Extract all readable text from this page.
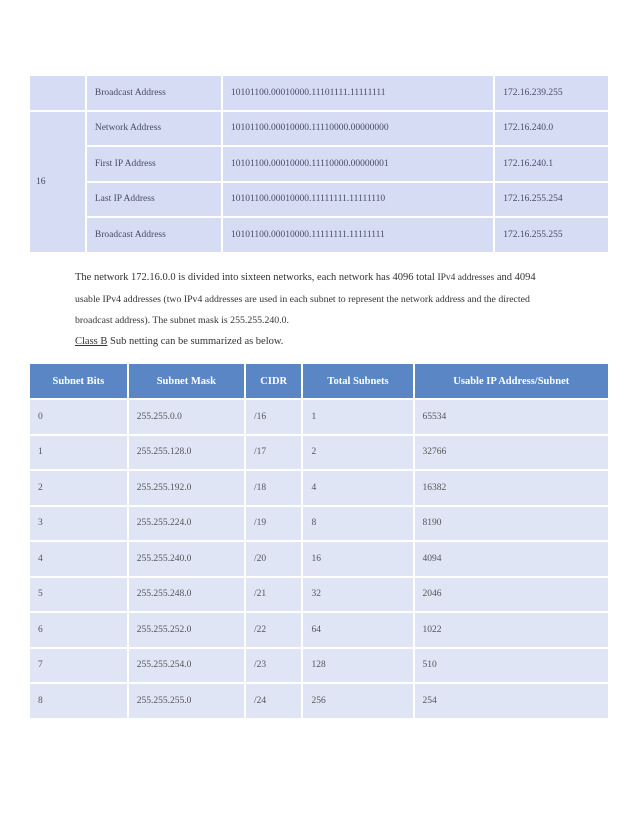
	Broadcast Address	10101100.00010000.11101111.11111111	172.16.239.255
16	Network Address	10101100.00010000.11110000.00000000	172.16.240.0
	First IP Address	10101100.00010000.11110000.00000001	172.16.240.1
	Last IP Address	10101100.00010000.11111111.11111110	172.16.255.254
	Broadcast Address	10101100.00010000.11111111.11111111	172.16.255.255
The network 172.16.0.0 is divided into sixteen networks, each network has 4096 total IPv4 addresses and 4094
usable IPv4 addresses (two IPv4 addresses are used in each subnet to represent the network address and the directed
broadcast address). The subnet mask is 255.255.240.0.
Class B Sub netting can be summarized as below.
Subnet Bits	Subnet Mask	CIDR	Total Subnets	Usable IP Address/Subnet
0	255.255.0.0	/16	1	65534
1	255.255.128.0	/17	2	32766
2	255.255.192.0	/18	4	16382
3	255.255.224.0	/19	8	8190
4	255.255.240.0	/20	16	4094
5	255.255.248.0	/21	32	2046
6	255.255.252.0	/22	64	1022
7	255.255.254.0	/23	128	510
8	255.255.255.0	/24	256	254
